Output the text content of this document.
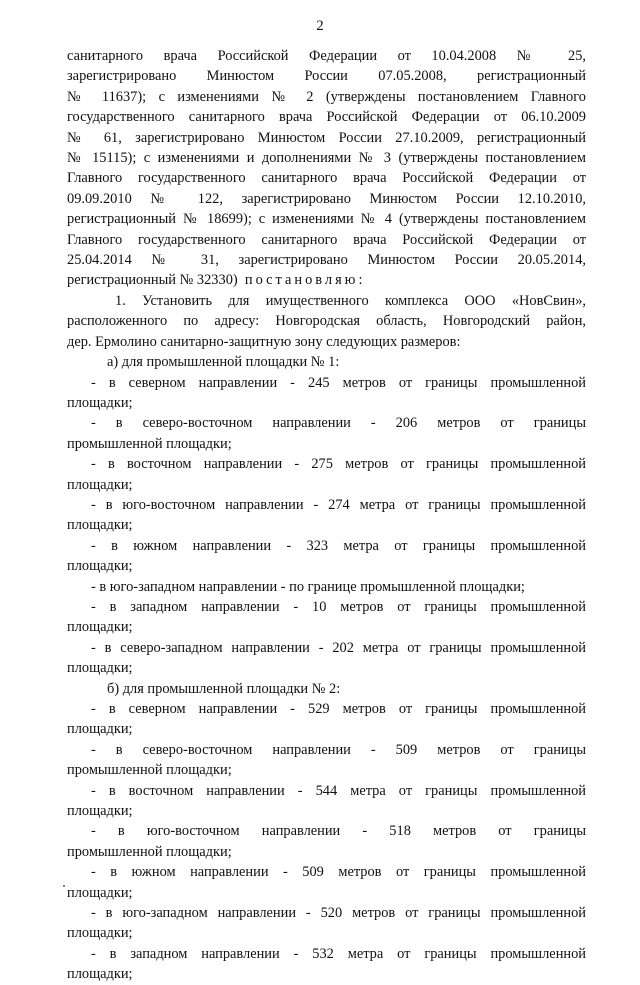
2
санитарного врача Российской Федерации от 10.04.2008 № 25,
зарегистрировано Минюстом России 07.05.2008, регистрационный
№ 11637); с изменениями № 2 (утверждены постановлением Главного
государственного санитарного врача Российской Федерации от 06.10.2009
№ 61, зарегистрировано Минюстом России 27.10.2009, регистрационный
№ 15115); с изменениями и дополнениями № 3 (утверждены постановлением
Главного государственного санитарного врача Российской Федерации от
09.09.2010 № 122, зарегистрировано Минюстом России 12.10.2010,
регистрационный № 18699); с изменениями № 4 (утверждены постановлением
Главного государственного санитарного врача Российской Федерации от
25.04.2014 № 31, зарегистрировано Минюстом России 20.05.2014,
регистрационный № 32330)  постановляю:
1. Установить для имущественного комплекса ООО «НовСвин»,
расположенного по адресу: Новгородская область, Новгородский район,
дер. Ермолино санитарно-защитную зону следующих размеров:
а) для промышленной площадки № 1:
- в северном направлении - 245 метров от границы промышленной
площадки;
- в северо-восточном направлении - 206 метров от границы
промышленной площадки;
- в восточном направлении - 275 метров от границы промышленной
площадки;
- в юго-восточном направлении - 274 метра от границы промышленной
площадки;
- в южном направлении - 323 метра от границы промышленной
площадки;
- в юго-западном направлении - по границе промышленной площадки;
- в западном направлении - 10 метров от границы промышленной
площадки;
- в северо-западном направлении - 202 метра от границы промышленной
площадки;
б) для промышленной площадки № 2:
- в северном направлении - 529 метров от границы промышленной
площадки;
- в северо-восточном направлении - 509 метров от границы
промышленной площадки;
- в восточном направлении - 544 метра от границы промышленной
площадки;
- в юго-восточном направлении - 518 метров от границы
промышленной площадки;
- в южном направлении - 509 метров от границы промышленной
площадки;
- в юго-западном направлении - 520 метров от границы промышленной
площадки;
- в западном направлении - 532 метра от границы промышленной
площадки;
